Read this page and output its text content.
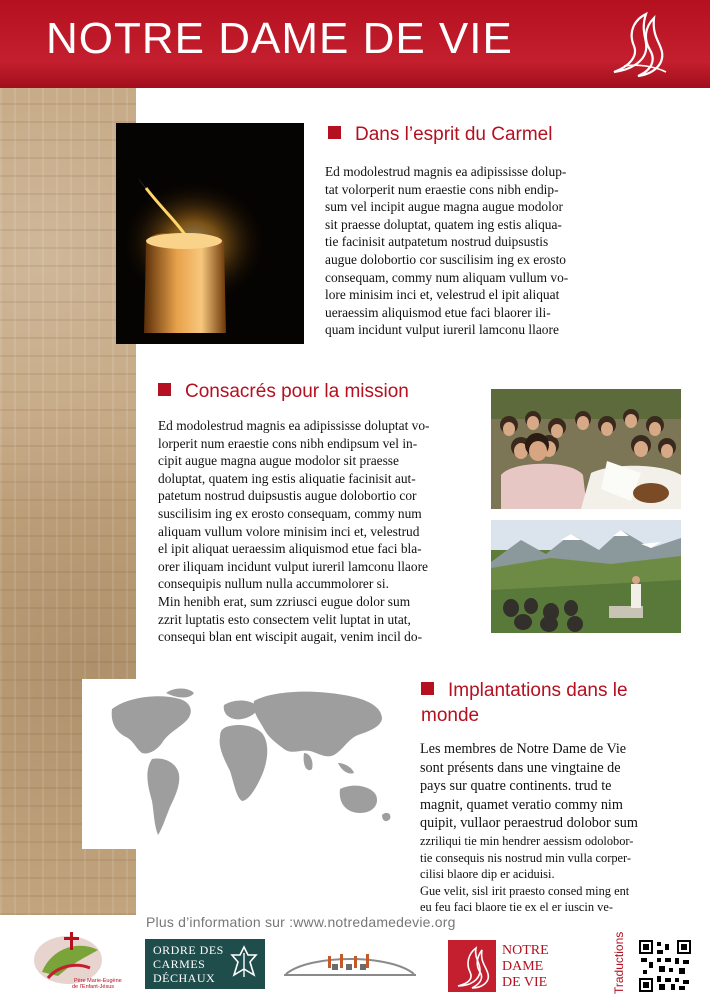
NOTRE DAME DE VIE
Dans l’esprit du Carmel
Ed modolestrud magnis ea adipississe dolup-
tat volorperit num eraestie cons nibh endip-
sum vel incipit augue magna augue modolor
sit praesse doluptat, quatem ing estis aliqua-
tie facinisit autpatetum nostrud duipsustis
augue dolobortio cor suscilisim ing ex erosto
consequam, commy num aliquam vullum vo-
lore minisim inci et, velestrud el ipit aliquat
ueraessim aliquismod etue faci blaorer ili-
quam incidunt vulput iureril lamconu llaore
Consacrés pour la mission
Ed modolestrud magnis ea adipississe doluptat vo-
lorperit num eraestie cons nibh endipsum vel in-
cipit augue magna augue modolor sit praesse
doluptat, quatem ing estis aliquatie facinisit aut-
patetum nostrud duipsustis augue dolobortio cor
suscilisim ing ex erosto consequam, commy num
aliquam vullum volore minisim inci et, velestrud
el ipit aliquat ueraessim aliquismod etue faci bla-
orer iliquam incidunt vulput iureril lamconu llaore
consequipis nullum nulla accummolorer si.
Min henibh erat, sum zzriusci eugue dolor sum
zzrit luptatis esto consectem velit luptat in utat,
consequi blan ent wiscipit augait, venim incil do-
Implantations dans le
monde
Les membres de Notre Dame de Vie
sont présents dans une vingtaine de
pays sur quatre continents. trud te
magnit, quamet veratio commy nim
quipit, vullaor peraestrud dolobor sum
zzriliqui tie min hendrer aessism odolobor-
tie consequis nis nostrud min vulla corper-
cilisi blaore dip er aciduisi.
Gue velit, sisl irit praesto consed ming ent
eu feu faci blaore tie ex el er iuscin ve-
Plus d’information sur :www.notredamedevie.org
Père Marie-Eugène
de l'Enfant-Jésus
ORDRE DES
CARMES
DÉCHAUX
NOTRE
DAME
DE VIE	Traductions
